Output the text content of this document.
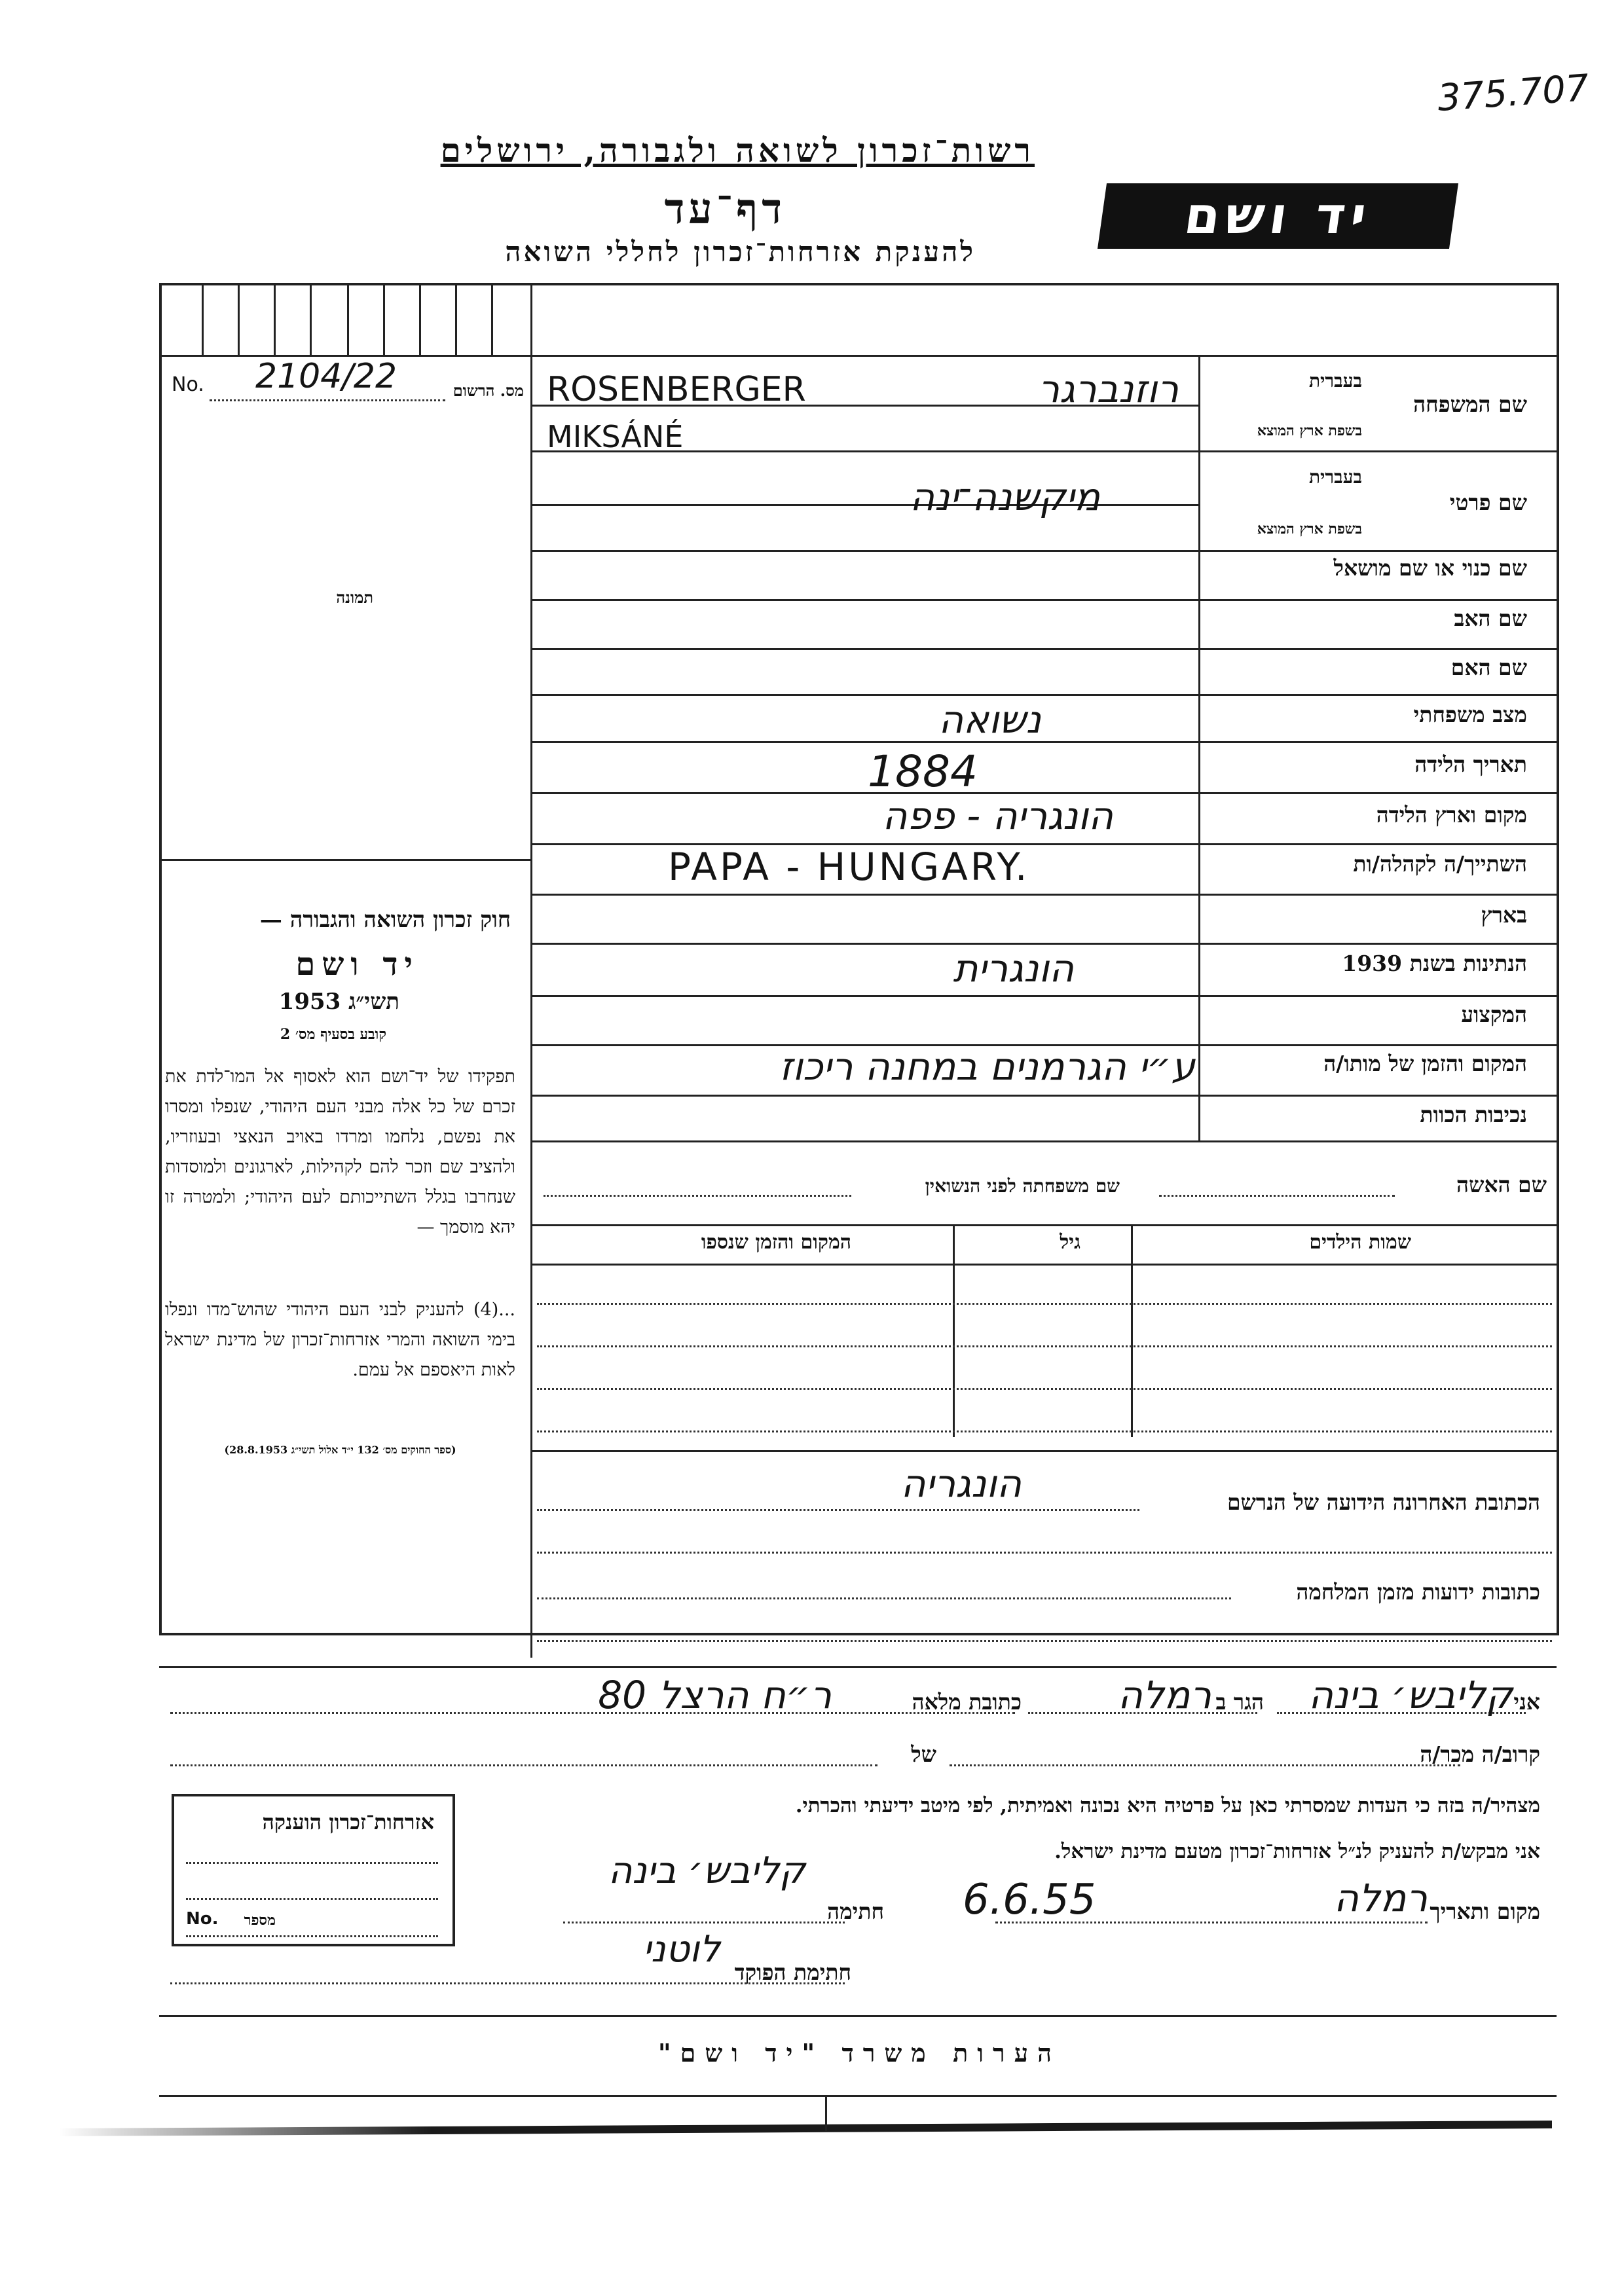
375.707
רשות־זכרון לשואה ולגבורה, ירושלים
דף־עד
להענקת אזרחות־זכרון לחללי השואה
יד ושם
No. 2104/22	מס. הרשום
תמונה
שם המשפחה
בעברית
בשפת ארץ המוצא
ROSENBERGER	רוזנברגר
שם פרטי
בעברית
בשפת ארץ המוצא
MIKSÁNÉ
מיקשנה־ינה
שם כנוי או שם מושאל
שם האב
שם האם
מצב משפחתי
נשואה
תאריך הלידה
1884
מקום וארץ הלידה
הונגריה - פפה
השתייך/ה לקהלה/ות
PAPA - HUNGARY.
בארץ
הנתינות בשנת 1939
הונגרית
המקצוע
המקום והזמן של מותו/ה
ע״י הגרמנים במחנה ריכוז
נכיבות הכוות
שם האשה
שם משפחתה לפני הנשואין
שמות הילדים
גיל
המקום והזמן שנספו
הכתובת האחרונה הידועה של הנרשם
הונגריה
כתובות ידועות מזמן המלחמה
חוק זכרון השואה והגבורה —
יד ושם
תשי״ג 1953
קובע בסעיף מס׳ 2
תפקידו של יד־ושם הוא לאסוף אל המו־לדת את זכרם של כל אלה מבני העם היהודי, שנפלו ומסרו את נפשם, נלחמו ומרדו באויב הנאצי ובעוזריו, ולהציב שם וזכר להם לקהילות, לארגונים ולמוסדות שנחרבו בגלל השתייכותם לעם היהודי; ולמטרה זו יהא מוסמך —
...(4) להעניק לבני העם היהודי שהוש־מדו ונפלו בימי השואה והמרי אזרחות־זכרון של מדינת ישראל לאות היאספם אל עמם.
(ספר החוקים מס׳ 132 י״ד אלול תשי״ג 28.8.1953)
אני
קליבש׳ בינה
הגר ב
רמלה
כתובת מלאה
ר״ח הרצל 80
קרוב/ה מכר/ה
של
מצהיר/ה בזה כי העדות שמסרתי כאן על פרטיה היא נכונה ואמיתית, לפי מיטב ידיעתי והכרתי.
אני מבקש/ת להעניק לנ״ל אזרחות־זכרון מטעם מדינת ישראל.
מקום ותאריך
רמלה
6.6.55
חתימה
קליבש׳ בינה
חתימת הפוקד
לוטני
אזרחות־זכרון הוענקה
No. מספר
הערות משרד "יד ושם"
